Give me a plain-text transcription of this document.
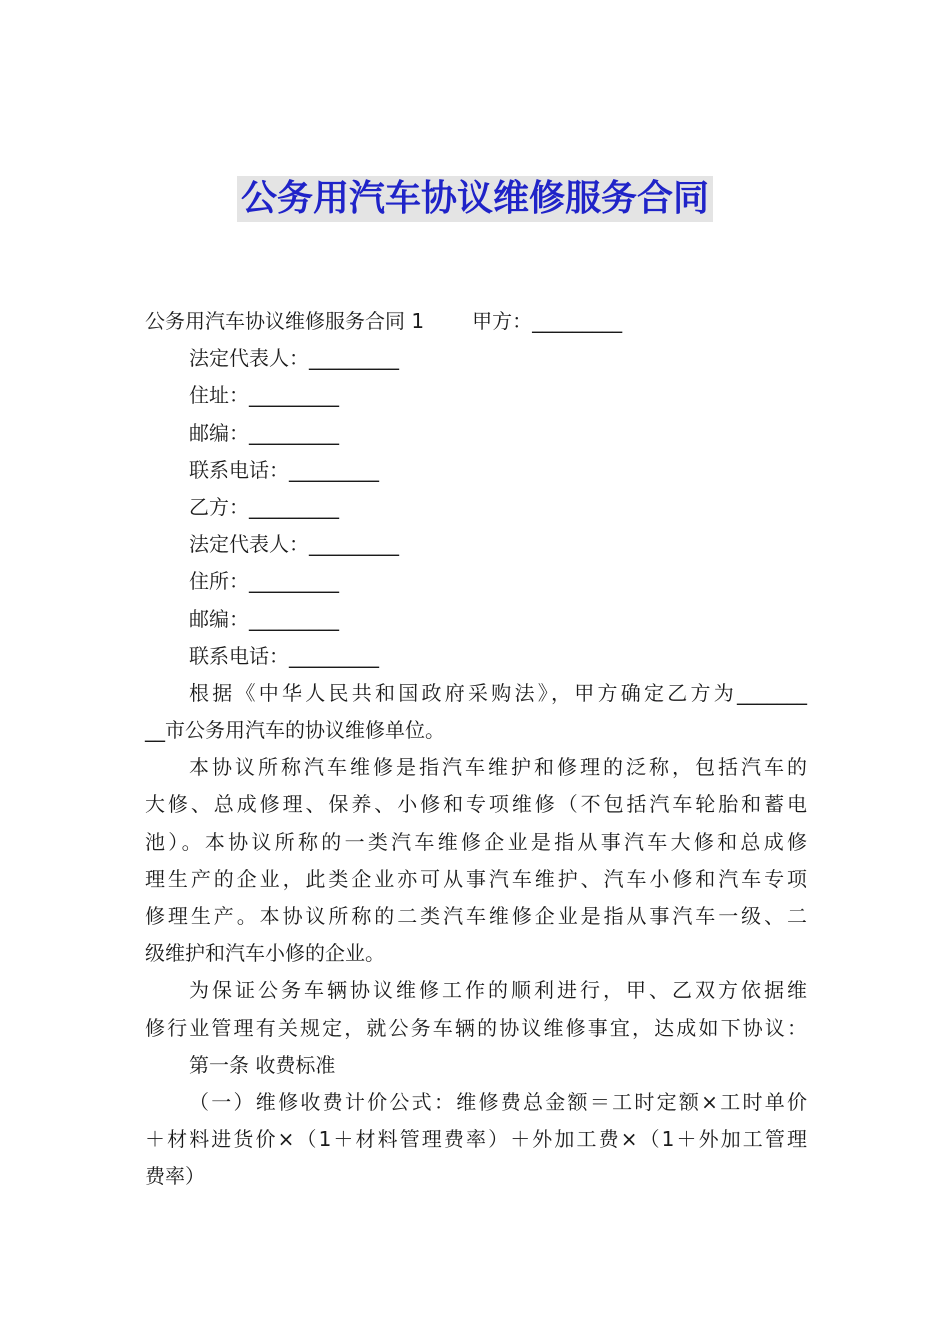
公务用汽车协议维修服务合同
公务用汽车协议维修服务合同 1 甲方：_________
法定代表人：_________
住址：_________
邮编：_________
联系电话：_________
乙方：_________
法定代表人：_________
住所：_________
邮编：_________
联系电话：_________
根据《中华人民共和国政府采购法》，甲方确定乙方为_______
__市公务用汽车的协议维修单位。
本协议所称汽车维修是指汽车维护和修理的泛称，包括汽车的
大修、总成修理、保养、小修和专项维修（不包括汽车轮胎和蓄电
池）。本协议所称的一类汽车维修企业是指从事汽车大修和总成修
理生产的企业，此类企业亦可从事汽车维护、汽车小修和汽车专项
修理生产。本协议所称的二类汽车维修企业是指从事汽车一级、二
级维护和汽车小修的企业。
为保证公务车辆协议维修工作的顺利进行，甲、乙双方依据维
修行业管理有关规定，就公务车辆的协议维修事宜，达成如下协议：
第一条 收费标准
（一）维修收费计价公式：维修费总金额＝工时定额×工时单价
＋材料进货价×（1＋材料管理费率）＋外加工费×（1＋外加工管理
费率）
